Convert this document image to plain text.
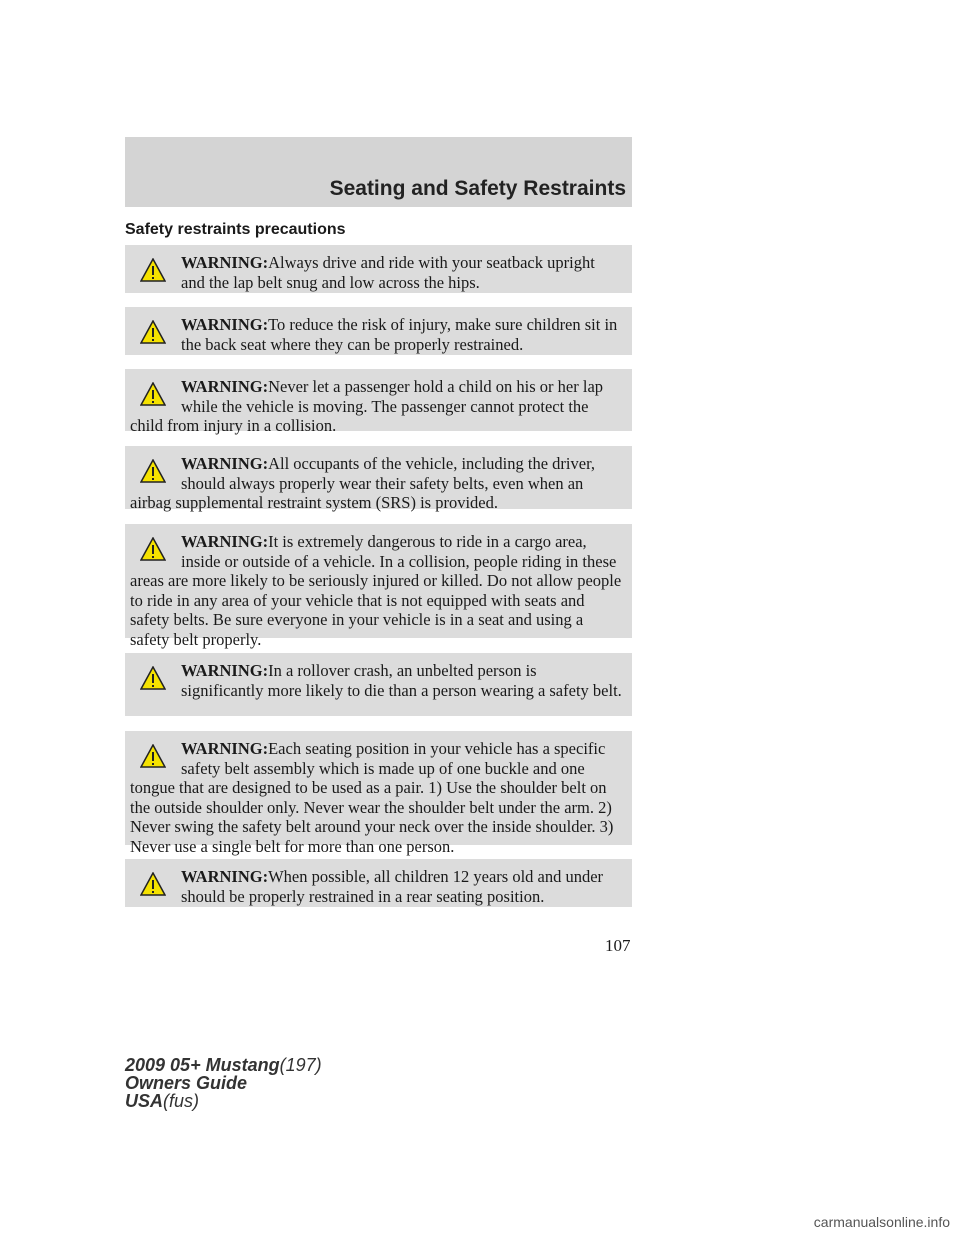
Seating and Safety Restraints
Safety restraints precautions
WARNING:Always drive and ride with your seatback upright and the lap belt snug and low across the hips.
WARNING:To reduce the risk of injury, make sure children sit in the back seat where they can be properly restrained.
WARNING:Never let a passenger hold a child on his or her lap while the vehicle is moving. The passenger cannot protect the child from injury in a collision.
WARNING:All occupants of the vehicle, including the driver, should always properly wear their safety belts, even when an airbag supplemental restraint system (SRS) is provided.
WARNING:It is extremely dangerous to ride in a cargo area, inside or outside of a vehicle. In a collision, people riding in these areas are more likely to be seriously injured or killed. Do not allow people to ride in any area of your vehicle that is not equipped with seats and safety belts. Be sure everyone in your vehicle is in a seat and using a safety belt properly.
WARNING:In a rollover crash, an unbelted person is significantly more likely to die than a person wearing a safety belt.
WARNING:Each seating position in your vehicle has a specific safety belt assembly which is made up of one buckle and one tongue that are designed to be used as a pair. 1) Use the shoulder belt on the outside shoulder only. Never wear the shoulder belt under the arm. 2) Never swing the safety belt around your neck over the inside shoulder. 3) Never use a single belt for more than one person.
WARNING:When possible, all children 12 years old and under should be properly restrained in a rear seating position.
107
2009 05+ Mustang(197)
Owners Guide
USA(fus)
carmanualsonline.info
